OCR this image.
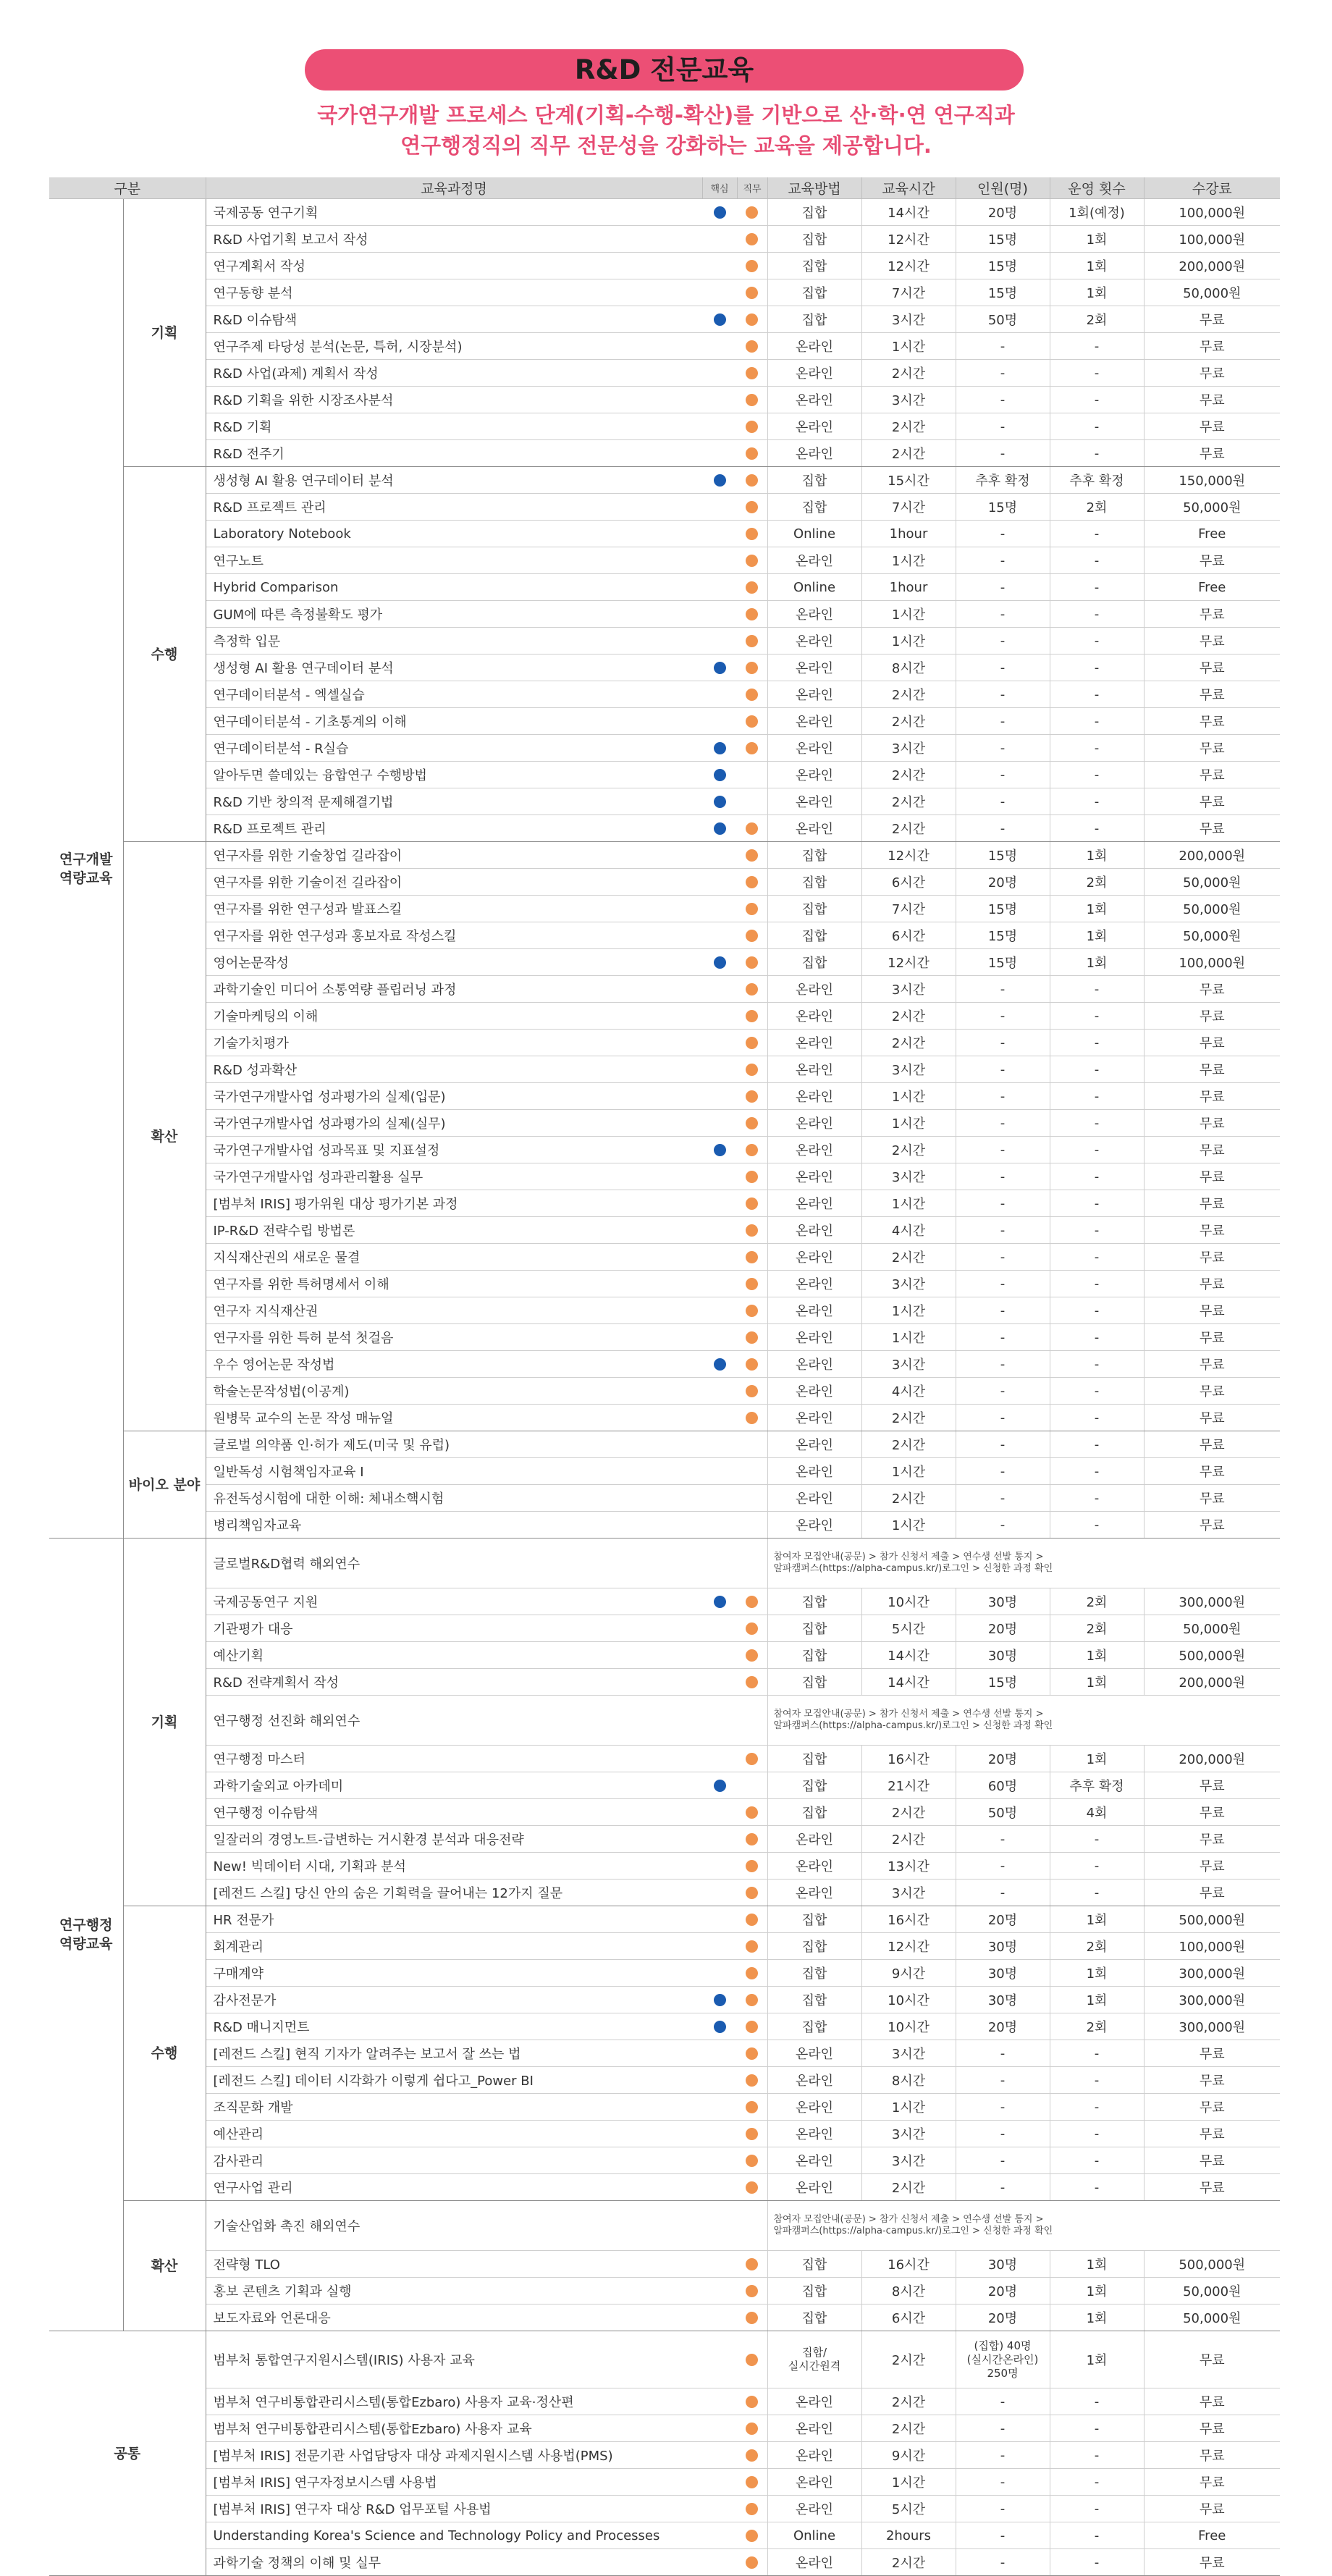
R&D 전문교육
국가연구개발 프로세스 단계(기획-수행-확산)를 기반으로 산·학·연 연구직과
연구행정직의 직무 전문성을 강화하는 교육을 제공합니다.
구분		교육과정명	핵심	직무	교육방법	교육시간	인원(명)	운영 횟수	수강료
연구개발
역량교육	기획	국제공동 연구기획			집합	14시간	20명	1회(예정)	100,000원
		R&D 사업기획 보고서 작성			집합	12시간	15명	1회	100,000원
		연구계획서 작성			집합	12시간	15명	1회	200,000원
		연구동향 분석			집합	7시간	15명	1회	50,000원
		R&D 이슈탐색			집합	3시간	50명	2회	무료
		연구주제 타당성 분석(논문, 특허, 시장분석)			온라인	1시간	-	-	무료
		R&D 사업(과제) 계획서 작성			온라인	2시간	-	-	무료
		R&D 기획을 위한 시장조사분석			온라인	3시간	-	-	무료
		R&D 기획			온라인	2시간	-	-	무료
		R&D 전주기			온라인	2시간	-	-	무료
	수행	생성형 AI 활용 연구데이터 분석			집합	15시간	추후 확정	추후 확정	150,000원
		R&D 프로젝트 관리			집합	7시간	15명	2회	50,000원
		Laboratory Notebook			Online	1hour	-	-	Free
		연구노트			온라인	1시간	-	-	무료
		Hybrid Comparison			Online	1hour	-	-	Free
		GUM에 따른 측정불확도 평가			온라인	1시간	-	-	무료
		측정학 입문			온라인	1시간	-	-	무료
		생성형 AI 활용 연구데이터 분석			온라인	8시간	-	-	무료
		연구데이터분석 - 엑셀실습			온라인	2시간	-	-	무료
		연구데이터분석 - 기초통계의 이해			온라인	2시간	-	-	무료
		연구데이터분석 - R실습			온라인	3시간	-	-	무료
		알아두면 쓸데있는 융합연구 수행방법			온라인	2시간	-	-	무료
		R&D 기반 창의적 문제해결기법			온라인	2시간	-	-	무료
		R&D 프로젝트 관리			온라인	2시간	-	-	무료
	확산	연구자를 위한 기술창업 길라잡이			집합	12시간	15명	1회	200,000원
		연구자를 위한 기술이전 길라잡이			집합	6시간	20명	2회	50,000원
		연구자를 위한 연구성과 발표스킬			집합	7시간	15명	1회	50,000원
		연구자를 위한 연구성과 홍보자료 작성스킬			집합	6시간	15명	1회	50,000원
		영어논문작성			집합	12시간	15명	1회	100,000원
		과학기술인 미디어 소통역량 플립러닝 과정			온라인	3시간	-	-	무료
		기술마케팅의 이해			온라인	2시간	-	-	무료
		기술가치평가			온라인	2시간	-	-	무료
		R&D 성과확산			온라인	3시간	-	-	무료
		국가연구개발사업 성과평가의 실제(입문)			온라인	1시간	-	-	무료
		국가연구개발사업 성과평가의 실제(실무)			온라인	1시간	-	-	무료
		국가연구개발사업 성과목표 및 지표설정			온라인	2시간	-	-	무료
		국가연구개발사업 성과관리활용 실무			온라인	3시간	-	-	무료
		[범부처 IRIS] 평가위원 대상 평가기본 과정			온라인	1시간	-	-	무료
		IP-R&D 전략수립 방법론			온라인	4시간	-	-	무료
		지식재산권의 새로운 물결			온라인	2시간	-	-	무료
		연구자를 위한 특허명세서 이해			온라인	3시간	-	-	무료
		연구자 지식재산권			온라인	1시간	-	-	무료
		연구자를 위한 특허 분석 첫걸음			온라인	1시간	-	-	무료
		우수 영어논문 작성법			온라인	3시간	-	-	무료
		학술논문작성법(이공계)			온라인	4시간	-	-	무료
		원병묵 교수의 논문 작성 매뉴얼			온라인	2시간	-	-	무료
	바이오 분야	글로벌 의약품 인·허가 제도(미국 및 유럽)			온라인	2시간	-	-	무료
		일반독성 시험책임자교육 Ⅰ			온라인	1시간	-	-	무료
		유전독성시험에 대한 이해: 체내소핵시험			온라인	2시간	-	-	무료
		병리책임자교육			온라인	1시간	-	-	무료
연구행정
역량교육	기획	글로벌R&D협력 해외연수			참여자 모집안내(공문) > 참가 신청서 제출 > 연수생 선발 통지 >
알파캠퍼스(https://alpha-campus.kr/)로그인 > 신청한 과정 확인				
		국제공동연구 지원			집합	10시간	30명	2회	300,000원
		기관평가 대응			집합	5시간	20명	2회	50,000원
		예산기획			집합	14시간	30명	1회	500,000원
		R&D 전략계획서 작성			집합	14시간	15명	1회	200,000원
		연구행정 선진화 해외연수			참여자 모집안내(공문) > 참가 신청서 제출 > 연수생 선발 통지 >
알파캠퍼스(https://alpha-campus.kr/)로그인 > 신청한 과정 확인				
		연구행정 마스터			집합	16시간	20명	1회	200,000원
		과학기술외교 아카데미			집합	21시간	60명	추후 확정	무료
		연구행정 이슈탐색			집합	2시간	50명	4회	무료
		일잘러의 경영노트-급변하는 거시환경 분석과 대응전략			온라인	2시간	-	-	무료
		New! 빅데이터 시대, 기획과 분석			온라인	13시간	-	-	무료
		[레전드 스킬] 당신 안의 숨은 기획력을 끌어내는 12가지 질문			온라인	3시간	-	-	무료
	수행	HR 전문가			집합	16시간	20명	1회	500,000원
		회계관리			집합	12시간	30명	2회	100,000원
		구매계약			집합	9시간	30명	1회	300,000원
		감사전문가			집합	10시간	30명	1회	300,000원
		R&D 매니지먼트			집합	10시간	20명	2회	300,000원
		[레전드 스킬] 현직 기자가 알려주는 보고서 잘 쓰는 법			온라인	3시간	-	-	무료
		[레전드 스킬] 데이터 시각화가 이렇게 쉽다고_Power BI			온라인	8시간	-	-	무료
		조직문화 개발			온라인	1시간	-	-	무료
		예산관리			온라인	3시간	-	-	무료
		감사관리			온라인	3시간	-	-	무료
		연구사업 관리			온라인	2시간	-	-	무료
	확산	기술산업화 촉진 해외연수			참여자 모집안내(공문) > 참가 신청서 제출 > 연수생 선발 통지 >
알파캠퍼스(https://alpha-campus.kr/)로그인 > 신청한 과정 확인				
		전략형 TLO			집합	16시간	30명	1회	500,000원
		홍보 콘텐츠 기획과 실행			집합	8시간	20명	1회	50,000원
		보도자료와 언론대응			집합	6시간	20명	1회	50,000원
공통		범부처 통합연구지원시스템(IRIS) 사용자 교육			집합/
실시간원격	2시간	(집합) 40명
(실시간온라인)
250명	1회	무료
		범부처 연구비통합관리시스템(통합Ezbaro) 사용자 교육·정산편			온라인	2시간	-	-	무료
		범부처 연구비통합관리시스템(통합Ezbaro) 사용자 교육			온라인	2시간	-	-	무료
		[범부처 IRIS] 전문기관 사업담당자 대상 과제지원시스템 사용법(PMS)			온라인	9시간	-	-	무료
		[범부처 IRIS] 연구자정보시스템 사용법			온라인	1시간	-	-	무료
		[범부처 IRIS] 연구자 대상 R&D 업무포털 사용법			온라인	5시간	-	-	무료
		Understanding Korea's Science and Technology Policy and Processes			Online	2hours	-	-	Free
		과학기술 정책의 이해 및 실무			온라인	2시간	-	-	무료
